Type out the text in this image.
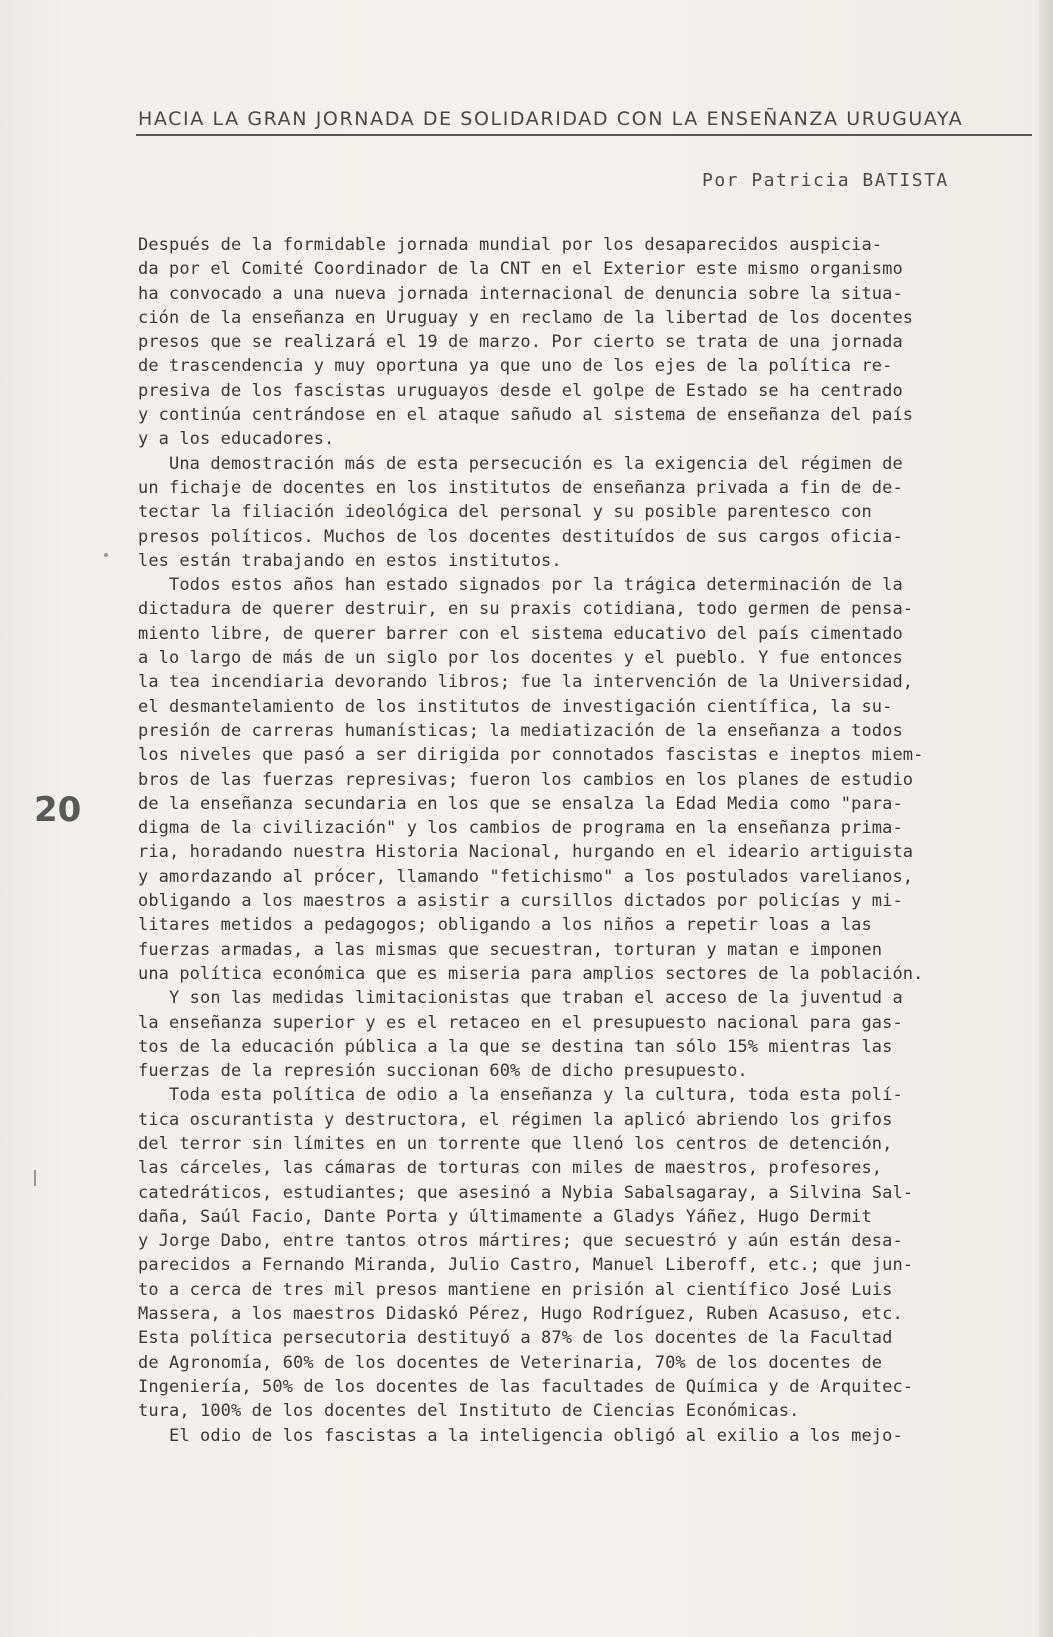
HACIA LA GRAN JORNADA DE SOLIDARIDAD CON LA ENSEÑANZA URUGUAYA
Por Patricia BATISTA
20
Después de la formidable jornada mundial por los desaparecidos auspicia-
da por el Comité Coordinador de la CNT en el Exterior este mismo organismo
ha convocado a una nueva jornada internacional de denuncia sobre la situa-
ción de la enseñanza en Uruguay y en reclamo de la libertad de los docentes
presos que se realizará el 19 de marzo. Por cierto se trata de una jornada
de trascendencia y muy oportuna ya que uno de los ejes de la política re-
presiva de los fascistas uruguayos desde el golpe de Estado se ha centrado
y continúa centrándose en el ataque sañudo al sistema de enseñanza del país
y a los educadores.
Una demostración más de esta persecución es la exigencia del régimen de
un fichaje de docentes en los institutos de enseñanza privada a fin de de-
tectar la filiación ideológica del personal y su posible parentesco con
presos políticos. Muchos de los docentes destituídos de sus cargos oficia-
les están trabajando en estos institutos.
Todos estos años han estado signados por la trágica determinación de la
dictadura de querer destruir, en su praxis cotidiana, todo germen de pensa-
miento libre, de querer barrer con el sistema educativo del país cimentado
a lo largo de más de un siglo por los docentes y el pueblo. Y fue entonces
la tea incendiaria devorando libros; fue la intervención de la Universidad,
el desmantelamiento de los institutos de investigación científica, la su-
presión de carreras humanísticas; la mediatización de la enseñanza a todos
los niveles que pasó a ser dirigida por connotados fascistas e ineptos miem-
bros de las fuerzas represivas; fueron los cambios en los planes de estudio
de la enseñanza secundaria en los que se ensalza la Edad Media como "para-
digma de la civilización" y los cambios de programa en la enseñanza prima-
ria, horadando nuestra Historia Nacional, hurgando en el ideario artiguista
y amordazando al prócer, llamando "fetichismo" a los postulados varelianos,
obligando a los maestros a asistir a cursillos dictados por policías y mi-
litares metidos a pedagogos; obligando a los niños a repetir loas a las
fuerzas armadas, a las mismas que secuestran, torturan y matan e imponen
una política económica que es miseria para amplios sectores de la población.
Y son las medidas limitacionistas que traban el acceso de la juventud a
la enseñanza superior y es el retaceo en el presupuesto nacional para gas-
tos de la educación pública a la que se destina tan sólo 15% mientras las
fuerzas de la represión succionan 60% de dicho presupuesto.
Toda esta política de odio a la enseñanza y la cultura, toda esta polí-
tica oscurantista y destructora, el régimen la aplicó abriendo los grifos
del terror sin límites en un torrente que llenó los centros de detención,
las cárceles, las cámaras de torturas con miles de maestros, profesores,
catedráticos, estudiantes; que asesinó a Nybia Sabalsagaray, a Silvina Sal-
daña, Saúl Facio, Dante Porta y últimamente a Gladys Yáñez, Hugo Dermit
y Jorge Dabo, entre tantos otros mártires; que secuestró y aún están desa-
parecidos a Fernando Miranda, Julio Castro, Manuel Liberoff, etc.; que jun-
to a cerca de tres mil presos mantiene en prisión al científico José Luis
Massera, a los maestros Didaskó Pérez, Hugo Rodríguez, Ruben Acasuso, etc.
Esta política persecutoria destituyó a 87% de los docentes de la Facultad
de Agronomía, 60% de los docentes de Veterinaria, 70% de los docentes de
Ingeniería, 50% de los docentes de las facultades de Química y de Arquitec-
tura, 100% de los docentes del Instituto de Ciencias Económicas.
El odio de los fascistas a la inteligencia obligó al exilio a los mejo-
